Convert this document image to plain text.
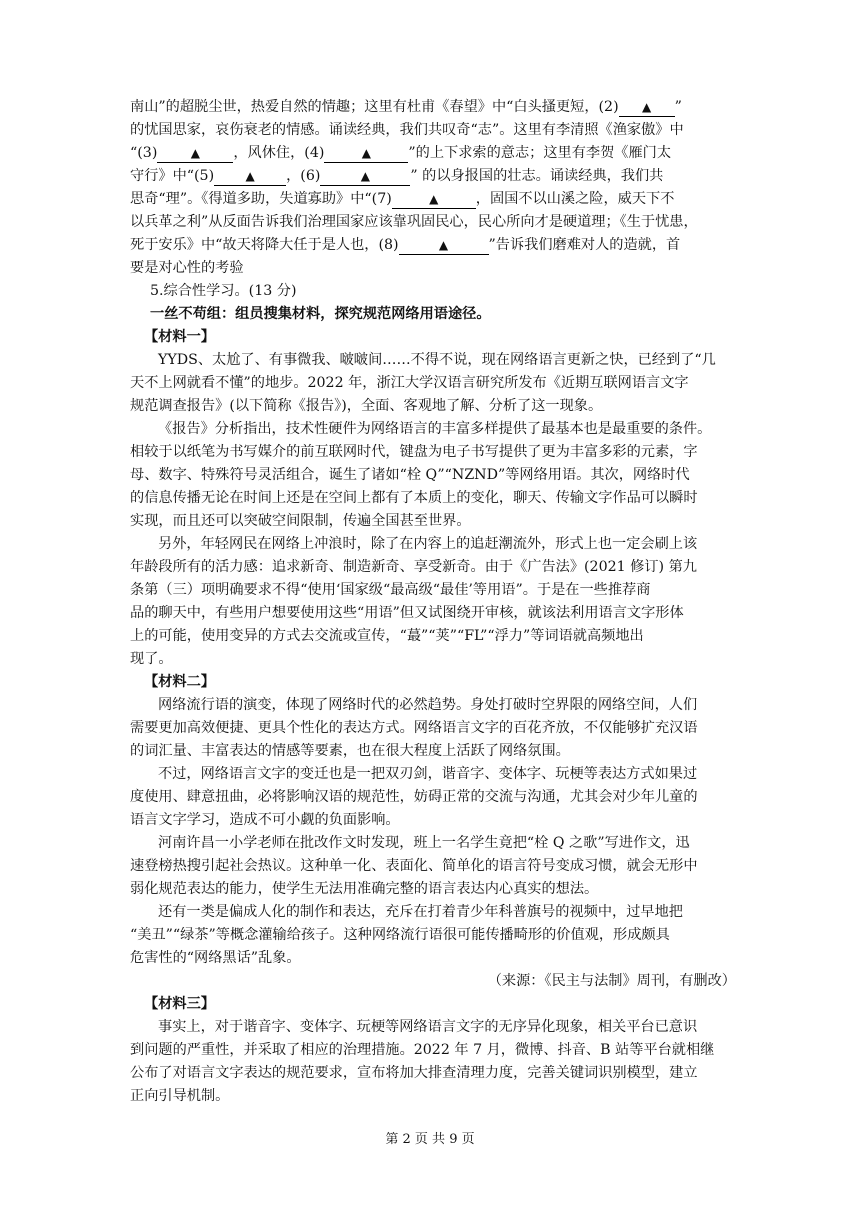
南山”的超脱尘世，热爱自然的情趣；这里有杜甫《春望》中“白头搔更短，(2) ▲ ”
的忧国思家，哀伤衰老的情感。诵读经典，我们共叹奇“志”。这里有李清照《渔家傲》中
“(3)	▲ ，风休住，(4)	▲	”的上下求索的意志；这里有李贺《雁门太
守行》中“(5)	▲ ，(6)	▲	” 的以身报国的壮志。诵读经典，我们共
思奇“理”。《得道多助，失道寡助》中“(7)	▲	，固国不以山溪之险，威天下不
以兵革之利”从反面告诉我们治理国家应该靠巩固民心，民心所向才是硬道理；《生于忧患，
死于安乐》中“故天将降大任于是人也，(8)	▲	”告诉我们磨难对人的造就，首
要是对心性的考验
5.综合性学习。(13 分)
一丝不苟组：组员搜集材料，探究规范网络用语途径。
【材料一】
YYDS、太尬了、有事微我、啵啵间……不得不说，现在网络语言更新之快，已经到了“几
天不上网就看不懂”的地步。2022 年，浙江大学汉语言研究所发布《近期互联网语言文字
规范调查报告》(以下简称《报告》)，全面、客观地了解、分析了这一现象。
《报告》分析指出，技术性硬件为网络语言的丰富多样提供了最基本也是最重要的条件。
相较于以纸笔为书写媒介的前互联网时代，键盘为电子书写提供了更为丰富多彩的元素，字
母、数字、特殊符号灵活组合，诞生了诸如“栓 Q”“NZND”等网络用语。其次，网络时代
的信息传播无论在时间上还是在空间上都有了本质上的变化，聊天、传输文字作品可以瞬时
实现，而且还可以突破空间限制，传遍全国甚至世界。
另外，年轻网民在网络上冲浪时，除了在内容上的追赶潮流外，形式上也一定会刷上该
年龄段所有的活力感：追求新奇、制造新奇、享受新奇。由于《广告法》(2021 修订) 第九
条第（三）项明确要求不得“使用‘国家级“最高级“最佳’等用语”。于是在一些推荐商
品的聊天中，有些用户想要使用这些“用语”但又试图绕开审核，就该法利用语言文字形体
上的可能，使用变异的方式去交流或宣传，“蕞”“荚”“FL”“浮力”等词语就高频地出
现了。
【材料二】
网络流行语的演变，体现了网络时代的必然趋势。身处打破时空界限的网络空间，人们
需要更加高效便捷、更具个性化的表达方式。网络语言文字的百花齐放，不仅能够扩充汉语
的词汇量、丰富表达的情感等要素，也在很大程度上活跃了网络氛围。
不过，网络语言文字的变迁也是一把双刃剑，谐音字、变体字、玩梗等表达方式如果过
度使用、肆意扭曲，必将影响汉语的规范性，妨碍正常的交流与沟通，尤其会对少年儿童的
语言文字学习，造成不可小觑的负面影响。
河南许昌一小学老师在批改作文时发现，班上一名学生竟把“栓 Q 之歌”写进作文，迅
速登榜热搜引起社会热议。这种单一化、表面化、简单化的语言符号变成习惯，就会无形中
弱化规范表达的能力，使学生无法用准确完整的语言表达内心真实的想法。
还有一类是偏成人化的制作和表达，充斥在打着青少年科普旗号的视频中，过早地把
“美丑”“绿茶”等概念灌输给孩子。这种网络流行语很可能传播畸形的价值观，形成颇具
危害性的“网络黑话”乱象。
（来源：《民主与法制》周刊，有删改）
【材料三】
事实上，对于谐音字、变体字、玩梗等网络语言文字的无序异化现象，相关平台已意识
到问题的严重性，并采取了相应的治理措施。2022 年 7 月，微博、抖音、B 站等平台就相继
公布了对语言文字表达的规范要求，宣布将加大排查清理力度，完善关键词识别模型，建立
正向引导机制。
第 2 页 共 9 页
